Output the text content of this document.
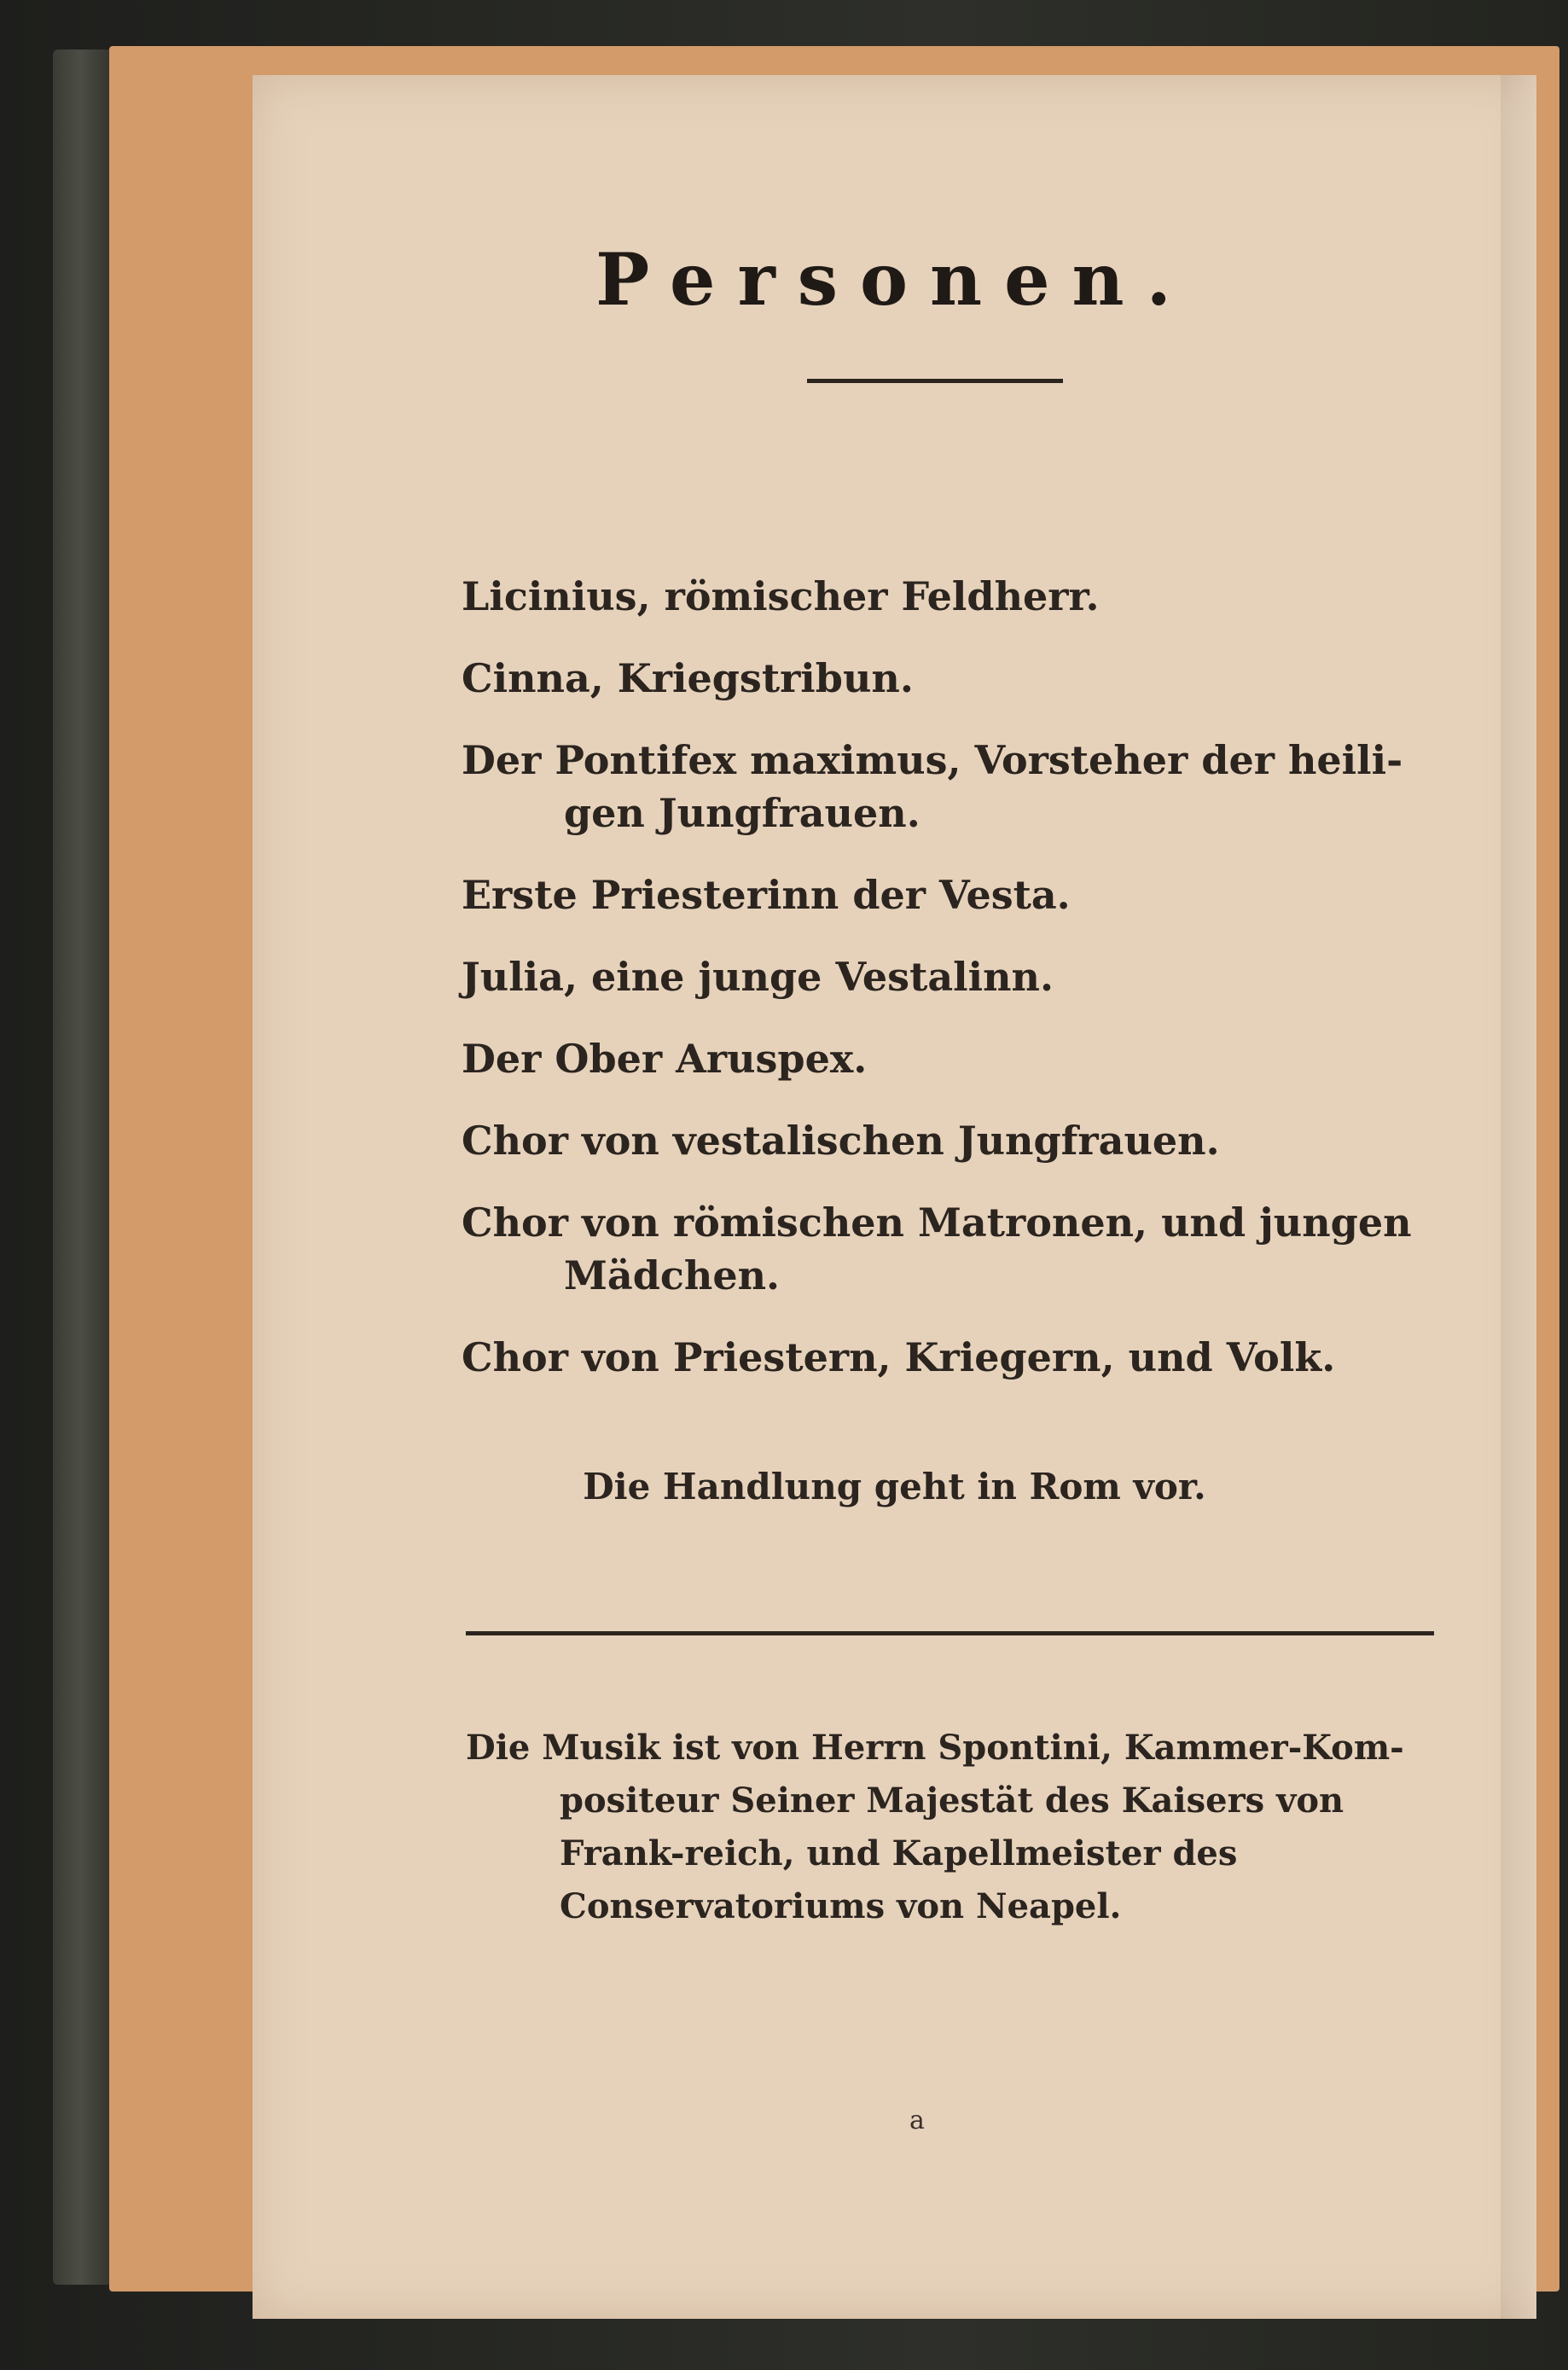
Personen.
Licinius, römischer Feldherr.
Cinna, Kriegstribun.
Der Pontifex maximus, Vorsteher der heili-
gen Jungfrauen.
Erste Priesterinn der Vesta.
Julia, eine junge Vestalinn.
Der Ober Aruspex.
Chor von vestalischen Jungfrauen.
Chor von römischen Matronen, und jungen
Mädchen.
Chor von Priestern, Kriegern, und Volk.
Die Handlung geht in Rom vor.
Die Musik ist von Herrn Spontini, Kammer-Kom-
positeur Seiner Majestät des Kaisers von Frank-reich, und Kapellmeister des Conservatoriums von Neapel.
a
